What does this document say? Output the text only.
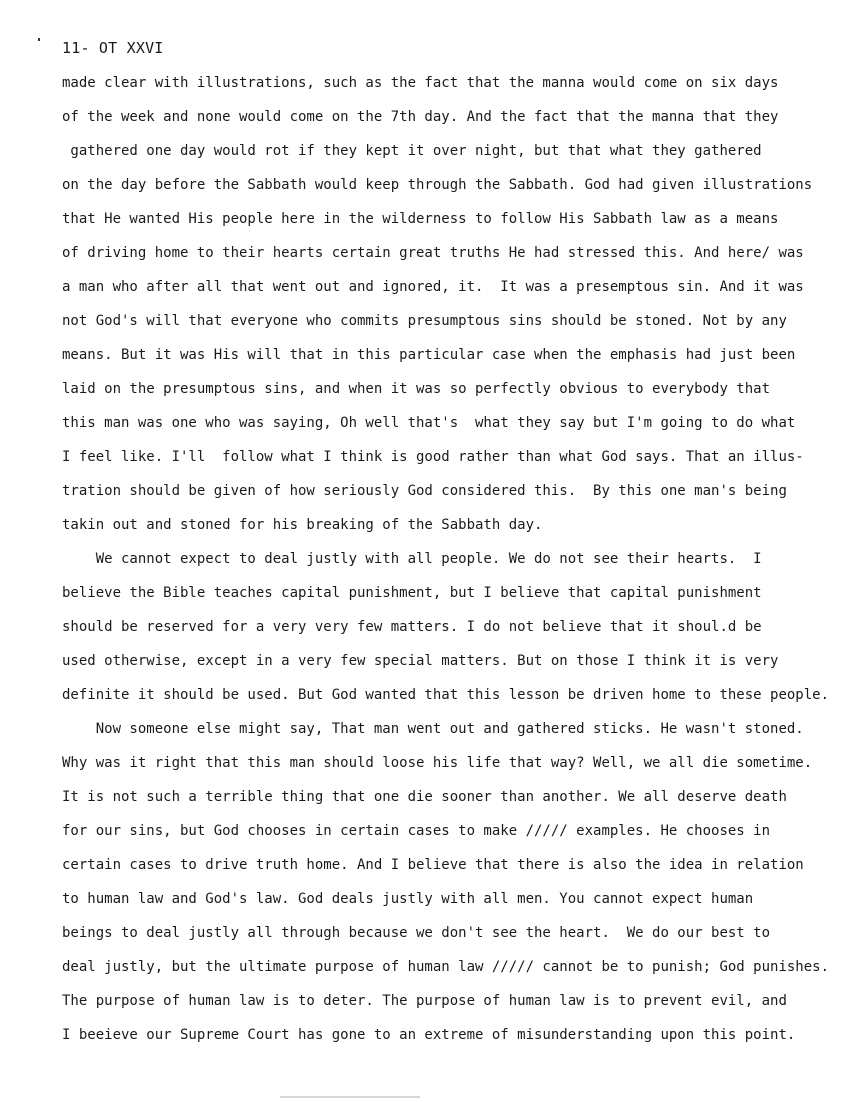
11- OT XXVI
made clear with illustrations, such as the fact that the manna would come on six days
of the week and none would come on the 7th day. And the fact that the manna that they
gathered one day would rot if they kept it over night, but that what they gathered
on the day before the Sabbath would keep through the Sabbath. God had given illustrations
that He wanted His people here in the wilderness to follow His Sabbath law as a means
of driving home to their hearts certain great truths He had stressed this. And here/ was
a man who after all that went out and ignored, it.  It was a presemptous sin. And it was
not God's will that everyone who commits presumptous sins should be stoned. Not by any
means. But it was His will that in this particular case when the emphasis had just been
laid on the presumptous sins, and when it was so perfectly obvious to everybody that
this man was one who was saying, Oh well that's  what they say but I'm going to do what
I feel like. I'll  follow what I think is good rather than what God says. That an illus-
tration should be given of how seriously God considered this.  By this one man's being
takin out and stoned for his breaking of the Sabbath day.
We cannot expect to deal justly with all people. We do not see their hearts.  I
believe the Bible teaches capital punishment, but I believe that capital punishment
should be reserved for a very very few matters. I do not believe that it shoul.d be
used otherwise, except in a very few special matters. But on those I think it is very
definite it should be used. But God wanted that this lesson be driven home to these people.
Now someone else might say, That man went out and gathered sticks. He wasn't stoned.
Why was it right that this man should loose his life that way? Well, we all die sometime.
It is not such a terrible thing that one die sooner than another. We all deserve death
for our sins, but God chooses in certain cases to make ///// examples. He chooses in
certain cases to drive truth home. And I believe that there is also the idea in relation
to human law and God's law. God deals justly with all men. You cannot expect human
beings to deal justly all through because we don't see the heart.  We do our best to
deal justly, but the ultimate purpose of human law ///// cannot be to punish; God punishes.
The purpose of human law is to deter. The purpose of human law is to prevent evil, and
I beeieve our Supreme Court has gone to an extreme of misunderstanding upon this point.
